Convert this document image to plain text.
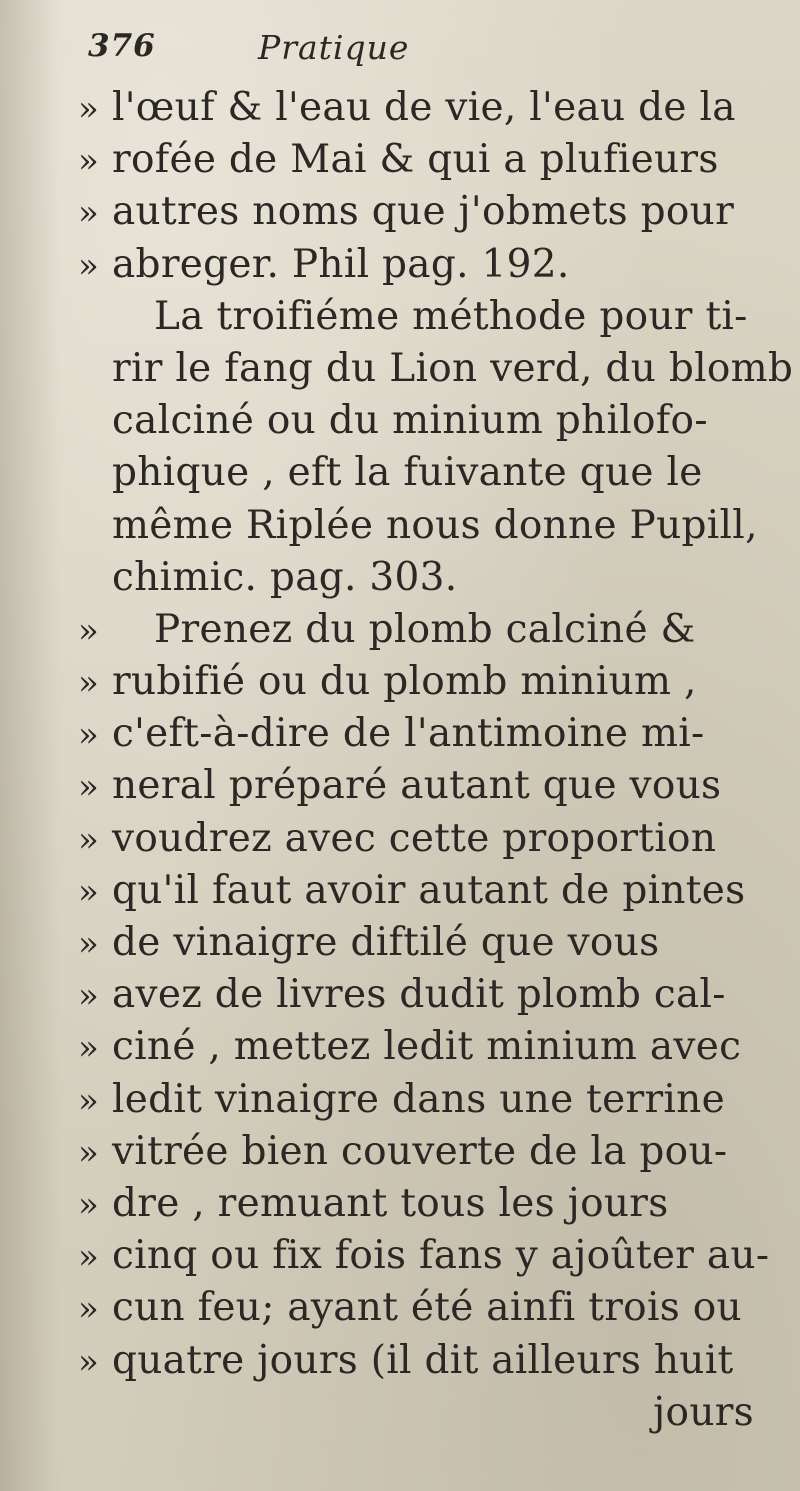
376	Pratique
» l'œuf & l'eau de vie, l'eau de la
» rofée de Mai & qui a plufieurs
» autres noms que j'obmets pour
» abreger. Phil pag. 192.
La troifiéme méthode pour ti-
rir le fang du Lion verd, du blomb
calciné ou du minium philofo-
phique , eft la fuivante que le
même Riplée nous donne Pupill,
chimic. pag. 303.
» Prenez du plomb calciné &
» rubifié ou du plomb minium ,
» c'eft-à-dire de l'antimoine mi-
» neral préparé autant que vous
» voudrez avec cette proportion
» qu'il faut avoir autant de pintes
» de vinaigre diftilé que vous
» avez de livres dudit plomb cal-
» ciné , mettez ledit minium avec
» ledit vinaigre dans une terrine
» vitrée bien couverte de la pou-
» dre , remuant tous les jours
» cinq ou fix fois fans y ajoûter au-
» cun feu; ayant été ainfi trois ou
» quatre jours (il dit ailleurs huit
jours
